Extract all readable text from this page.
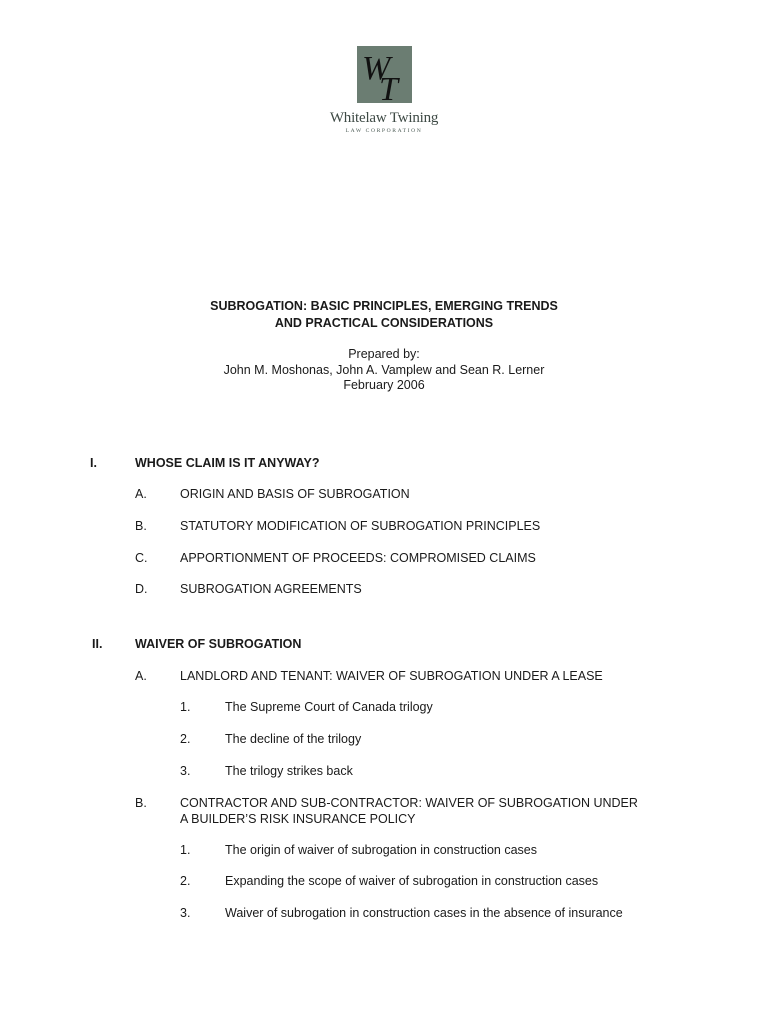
W
T
Whitelaw Twining
LAW CORPORATION
SUBROGATION: BASIC PRINCIPLES, EMERGING TRENDS
AND PRACTICAL CONSIDERATIONS
Prepared by:
John M. Moshonas, John A. Vamplew and Sean R. Lerner
February 2006
I.	WHOSE CLAIM IS IT ANYWAY?
A.	ORIGIN AND BASIS OF SUBROGATION
B.	STATUTORY MODIFICATION OF SUBROGATION PRINCIPLES
C.	APPORTIONMENT OF PROCEEDS: COMPROMISED CLAIMS
D.	SUBROGATION AGREEMENTS
II.	WAIVER OF SUBROGATION
A.	LANDLORD AND TENANT: WAIVER OF SUBROGATION UNDER A LEASE
1.	The Supreme Court of Canada trilogy
2.	The decline of the trilogy
3.	The trilogy strikes back
B.	CONTRACTOR AND SUB-CONTRACTOR: WAIVER OF SUBROGATION UNDER
A BUILDER’S RISK INSURANCE POLICY
1.	The origin of waiver of subrogation in construction cases
2.	Expanding the scope of waiver of subrogation in construction cases
3.	Waiver of subrogation in construction cases in the absence of insurance
